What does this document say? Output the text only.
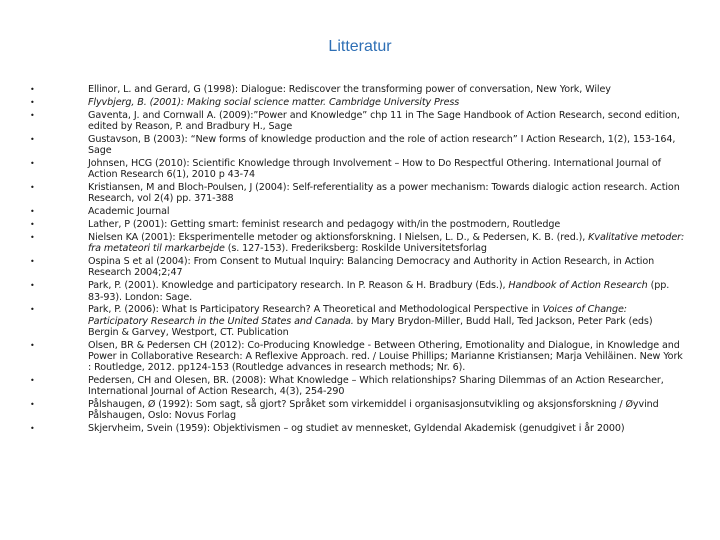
Litteratur
•	Ellinor, L. and Gerard, G (1998): Dialogue: Rediscover the transforming power of conversation, New York, Wiley
•	Flyvbjerg, B. (2001): Making social science matter. Cambridge University Press
•	Gaventa, J. and Cornwall A. (2009):”Power and Knowledge” chp 11 in The Sage Handbook of Action Research, second edition, edited by Reason, P. and Bradbury H., Sage
•	Gustavson, B (2003): “New forms of knowledge production and the role of action research” I Action Research, 1(2), 153-164, Sage
•	Johnsen, HCG (2010): Scientific Knowledge through Involvement – How to Do Respectful Othering. International Journal of Action Research 6(1), 2010 p 43-74
•	Kristiansen, M and Bloch-Poulsen, J (2004): Self-referentiality as a power mechanism: Towards dialogic action research. Action Research, vol 2(4) pp. 371-388
•	Academic Journal
•	Lather, P (2001): Getting smart: feminist research and pedagogy with/in the postmodern, Routledge
•	Nielsen KA (2001): Eksperimentelle metoder og aktionsforskning. I Nielsen, L. D., & Pedersen, K. B. (red.), Kvalitative metoder: fra metateori til markarbejde (s. 127-153). Frederiksberg: Roskilde Universitetsforlag
•	Ospina S et al (2004): From Consent to Mutual Inquiry: Balancing Democracy and Authority in Action Research, in Action Research 2004;2;47
•	Park, P. (2001). Knowledge and participatory research. In P. Reason & H. Bradbury (Eds.), Handbook of Action Research (pp. 83-93). London: Sage.
•	Park, P. (2006): What Is Participatory Research? A Theoretical and Methodological Perspective in Voices of Change: Participatory Research in the United States and Canada. by Mary Brydon-Miller, Budd Hall, Ted Jackson, Peter Park (eds) Bergin & Garvey, Westport, CT. Publication
•	Olsen, BR & Pedersen CH (2012): Co-Producing Knowledge - Between Othering, Emotionality and Dialogue, in Knowledge and Power in Collaborative Research: A Reflexive Approach. red. / Louise Phillips; Marianne Kristiansen; Marja Vehiläinen. New York : Routledge, 2012. pp124-153 (Routledge advances in research methods; Nr. 6).
•	Pedersen, CH and Olesen, BR. (2008): What Knowledge – Which relationships? Sharing Dilemmas of an Action Researcher, International Journal of Action Research, 4(3), 254-290
•	Pålshaugen, Ø (1992): Som sagt, så gjort? Språket som virkemiddel i organisasjonsutvikling og aksjonsforskning / Øyvind Pålshaugen, Oslo: Novus Forlag
•	Skjervheim, Svein (1959): Objektivismen – og studiet av mennesket, Gyldendal Akademisk (genudgivet i år 2000)
